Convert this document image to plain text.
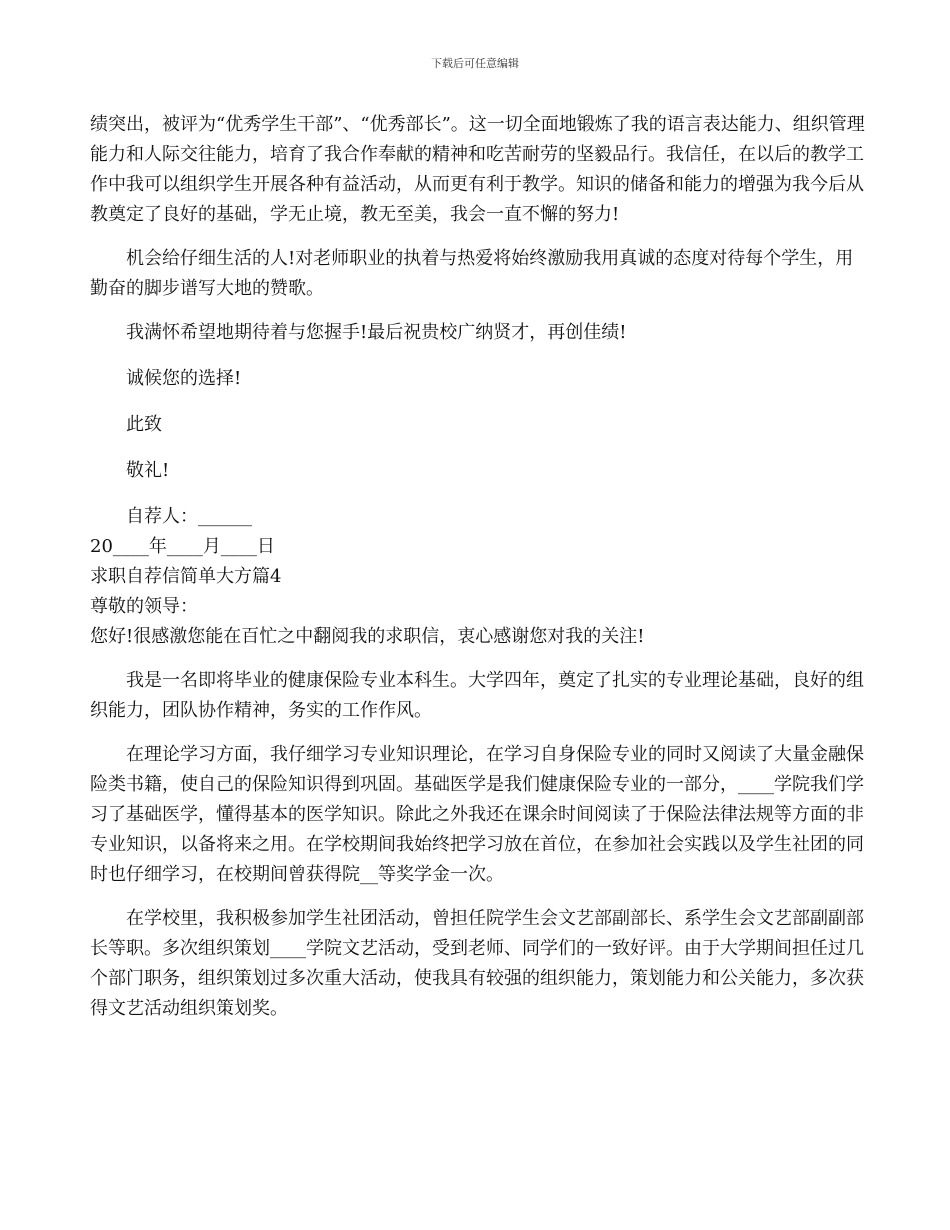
下载后可任意编辑

绩突出，被评为“优秀学生干部”、“优秀部长”。这一切全面地锻炼了我的语言表达能力、组织管理能力和人际交往能力，培育了我合作奉献的精神和吃苦耐劳的坚毅品行。我信任，在以后的教学工作中我可以组织学生开展各种有益活动，从而更有利于教学。知识的储备和能力的增强为我今后从教奠定了良好的基础，学无止境，教无至美，我会一直不懈的努力!

机会给仔细生活的人!对老师职业的执着与热爱将始终激励我用真诚的态度对待每个学生，用勤奋的脚步谱写大地的赞歌。

我满怀希望地期待着与您握手!最后祝贵校广纳贤才，再创佳绩!

诚候您的选择!

此致

敬礼!

自荐人：______

20____年____月____日

求职自荐信简单大方篇4

尊敬的领导：

您好!很感激您能在百忙之中翻阅我的求职信，衷心感谢您对我的关注!

我是一名即将毕业的健康保险专业本科生。大学四年，奠定了扎实的专业理论基础，良好的组织能力，团队协作精神，务实的工作作风。

在理论学习方面，我仔细学习专业知识理论，在学习自身保险专业的同时又阅读了大量金融保险类书籍，使自己的保险知识得到巩固。基础医学是我们健康保险专业的一部分，____学院我们学习了基础医学，懂得基本的医学知识。除此之外我还在课余时间阅读了于保险法律法规等方面的非专业知识，以备将来之用。在学校期间我始终把学习放在首位，在参加社会实践以及学生社团的同时也仔细学习，在校期间曾获得院__等奖学金一次。

在学校里，我积极参加学生社团活动，曾担任院学生会文艺部副部长、系学生会文艺部副副部长等职。多次组织策划____学院文艺活动，受到老师、同学们的一致好评。由于大学期间担任过几个部门职务，组织策划过多次重大活动，使我具有较强的组织能力，策划能力和公关能力，多次获得文艺活动组织策划奖。
